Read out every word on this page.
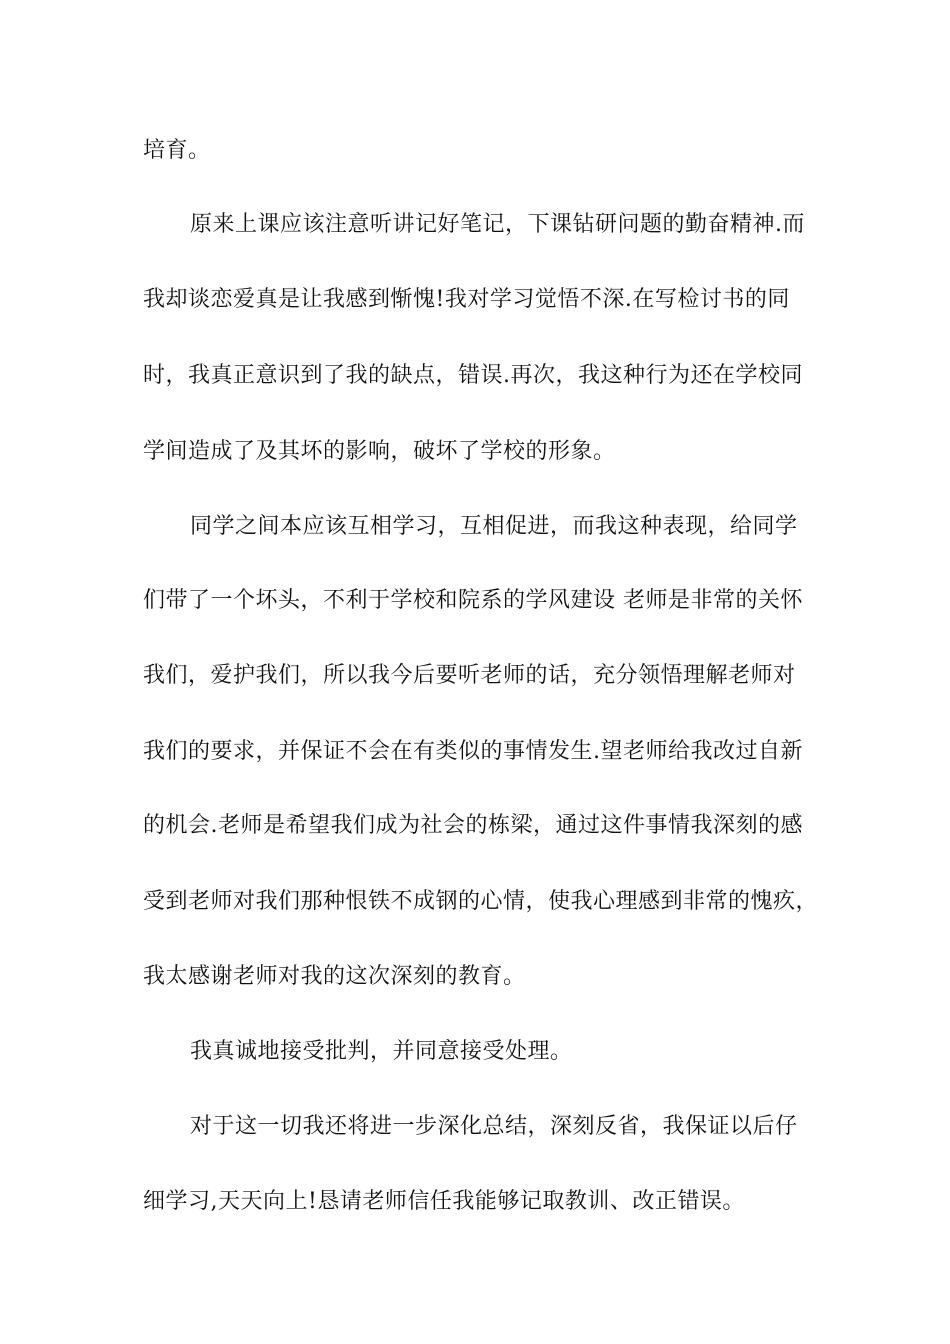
培育。
原来上课应该注意听讲记好笔记，下课钻研问题的勤奋精神.而
我却谈恋爱真是让我感到惭愧!我对学习觉悟不深.在写检讨书的同
时，我真正意识到了我的缺点，错误.再次，我这种行为还在学校同
学间造成了及其坏的影响，破坏了学校的形象。
同学之间本应该互相学习，互相促进，而我这种表现，给同学
们带了一个坏头，不利于学校和院系的学风建设 老师是非常的关怀
我们，爱护我们，所以我今后要听老师的话，充分领悟理解老师对
我们的要求，并保证不会在有类似的事情发生.望老师给我改过自新
的机会.老师是希望我们成为社会的栋梁，通过这件事情我深刻的感
受到老师对我们那种恨铁不成钢的心情，使我心理感到非常的愧疚，
我太感谢老师对我的这次深刻的教育。
我真诚地接受批判，并同意接受处理。
对于这一切我还将进一步深化总结，深刻反省，我保证以后仔
细学习,天天向上!恳请老师信任我能够记取教训、改正错误。
